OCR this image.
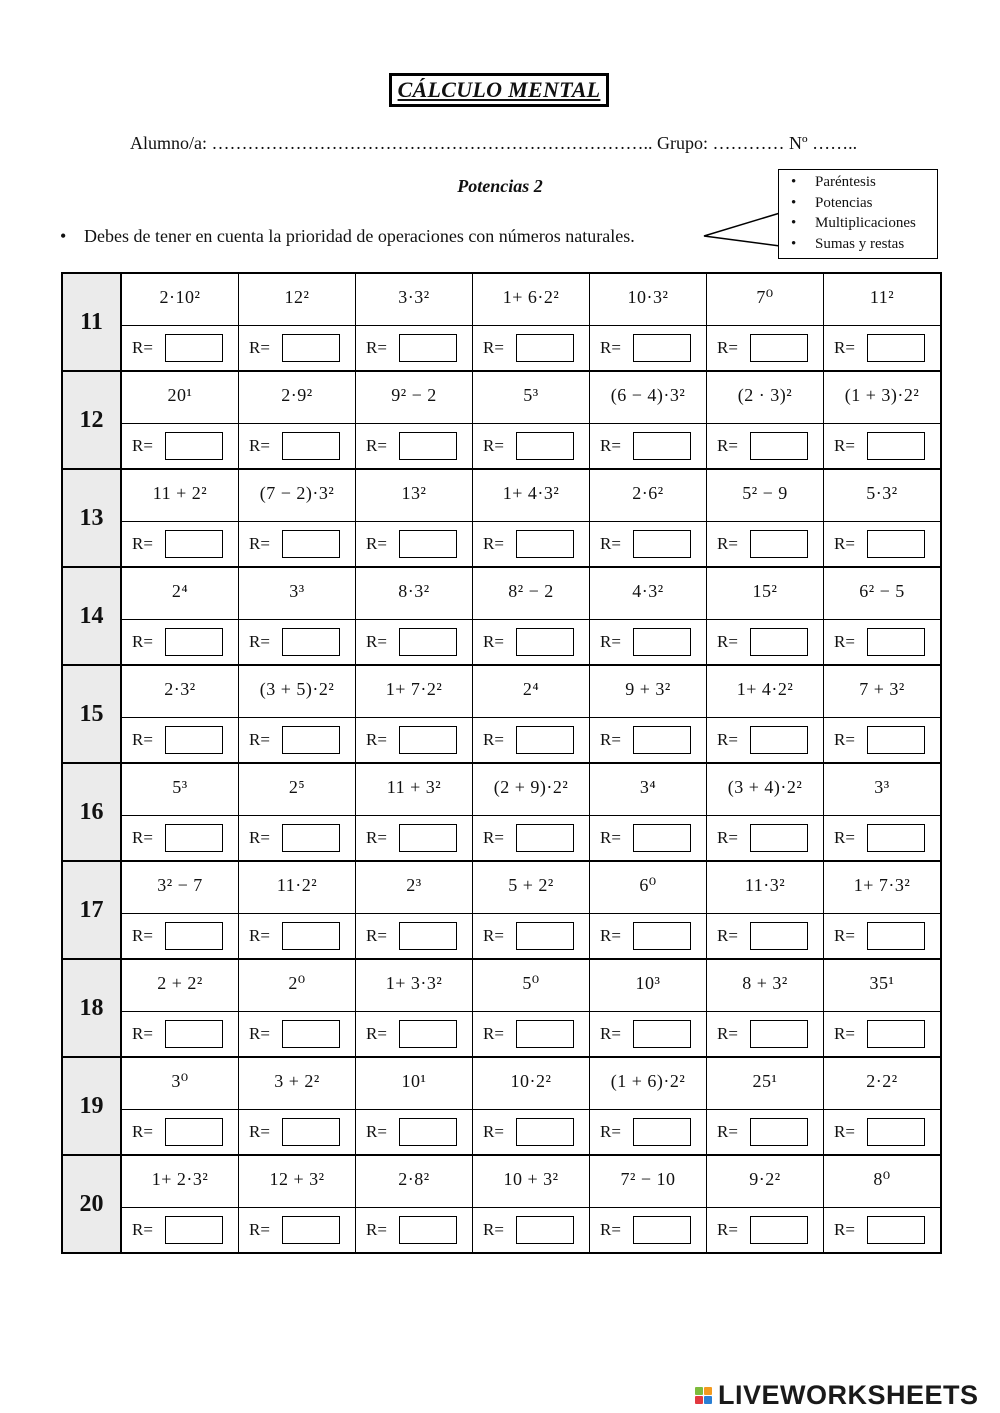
CÁLCULO MENTAL
Alumno/a: ……………………………………………………………….. Grupo: ………… Nº ……..
Potencias 2
• Debes de tener en cuenta la prioridad de operaciones con números naturales.
• Paréntesis
• Potencias
• Multiplicaciones
• Sumas y restas
11	2·10²	12²	3·3²	1+ 6·2²	10·3²	7⁰	11²

	R=	R=	R=	R=	R=	R=	R=

12	20¹	2·9²	9² − 2	5³	(6 − 4)·3²	(2 · 3)²	(1 + 3)·2²

	R=	R=	R=	R=	R=	R=	R=

13	11 + 2²	(7 − 2)·3²	13²	1+ 4·3²	2·6²	5² − 9	5·3²

	R=	R=	R=	R=	R=	R=	R=

14	2⁴	3³	8·3²	8² − 2	4·3²	15²	6² − 5

	R=	R=	R=	R=	R=	R=	R=

15	2·3²	(3 + 5)·2²	1+ 7·2²	2⁴	9 + 3²	1+ 4·2²	7 + 3²

	R=	R=	R=	R=	R=	R=	R=

16	5³	2⁵	11 + 3²	(2 + 9)·2²	3⁴	(3 + 4)·2²	3³

	R=	R=	R=	R=	R=	R=	R=

17	3² − 7	11·2²	2³	5 + 2²	6⁰	11·3²	1+ 7·3²

	R=	R=	R=	R=	R=	R=	R=

18	2 + 2²	2⁰	1+ 3·3²	5⁰	10³	8 + 3²	35¹

	R=	R=	R=	R=	R=	R=	R=

19	3⁰	3 + 2²	10¹	10·2²	(1 + 6)·2²	25¹	2·2²

	R=	R=	R=	R=	R=	R=	R=

20	1+ 2·3²	12 + 3²	2·8²	10 + 3²	7² − 10	9·2²	8⁰

	R=	R=	R=	R=	R=	R=	R=
LIVEWORKSHEETS
